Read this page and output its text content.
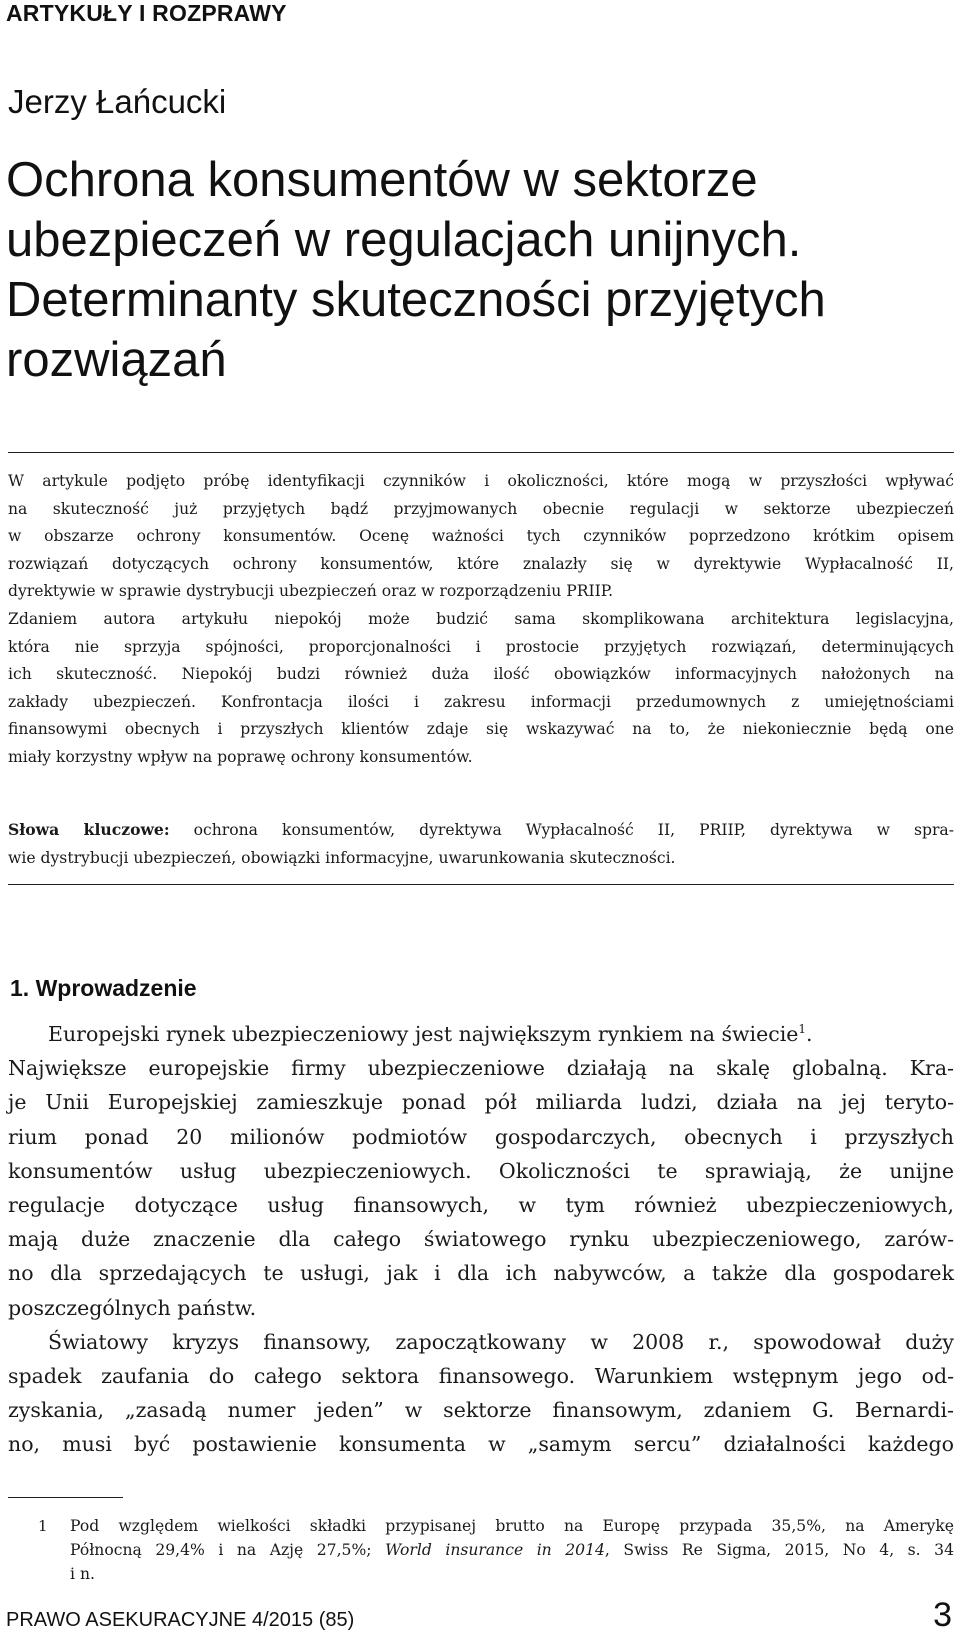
ARTYKUŁY I ROZPRAWY
Jerzy Łańcucki
Ochrona konsumentów w sektorze
ubezpieczeń w regulacjach unijnych.
Determinanty skuteczności przyjętych
rozwiązań

W artykule podjęto próbę identyfikacji czynników i okoliczności, które mogą w przyszłości wpływać
na skuteczność już przyjętych bądź przyjmowanych obecnie regulacji w sektorze ubezpieczeń
w obszarze ochrony konsumentów. Ocenę ważności tych czynników poprzedzono krótkim opisem
rozwiązań dotyczących ochrony konsumentów, które znalazły się w dyrektywie Wypłacalność II,
dyrektywie w sprawie dystrybucji ubezpieczeń oraz w rozporządzeniu PRIIP.
Zdaniem autora artykułu niepokój może budzić sama skomplikowana architektura legislacyjna,
która nie sprzyja spójności, proporcjonalności i prostocie przyjętych rozwiązań, determinujących
ich skuteczność. Niepokój budzi również duża ilość obowiązków informacyjnych nałożonych na
zakłady ubezpieczeń. Konfrontacja ilości i zakresu informacji przedumownych z umiejętnościami
finansowymi obecnych i przyszłych klientów zdaje się wskazywać na to, że niekoniecznie będą one
miały korzystny wpływ na poprawę ochrony konsumentów.

Słowa kluczowe: ochrona konsumentów, dyrektywa Wypłacalność II, PRIIP, dyrektywa w spra-
wie dystrybucji ubezpieczeń, obowiązki informacyjne, uwarunkowania skuteczności.

1. Wprowadzenie

Europejski rynek ubezpieczeniowy jest największym rynkiem na świecie$^1$.
Największe europejskie firmy ubezpieczeniowe działają na skalę globalną. Kra-
je Unii Europejskiej zamieszkuje ponad pół miliarda ludzi, działa na jej teryto-
rium ponad 20 milionów podmiotów gospodarczych, obecnych i przyszłych
konsumentów usług ubezpieczeniowych. Okoliczności te sprawiają, że unijne
regulacje dotyczące usług finansowych, w tym również ubezpieczeniowych,
mają duże znaczenie dla całego światowego rynku ubezpieczeniowego, zarów-
no dla sprzedających te usługi, jak i dla ich nabywców, a także dla gospodarek
poszczególnych państw.
Światowy kryzys finansowy, zapoczątkowany w 2008 r., spowodował duży
spadek zaufania do całego sektora finansowego. Warunkiem wstępnym jego od-
zyskania, „zasadą numer jeden” w sektorze finansowym, zdaniem G. Bernardi-
no, musi być postawienie konsumenta w „samym sercu” działalności każdego

1 Pod względem wielkości składki przypisanej brutto na Europę przypada 35,5%, na Amerykę
Północną 29,4% i na Azję 27,5%; World insurance in 2014, Swiss Re Sigma, 2015, No 4, s. 34
i n.
PRAWO ASEKURACYJNE 4/2015 (85)	3
